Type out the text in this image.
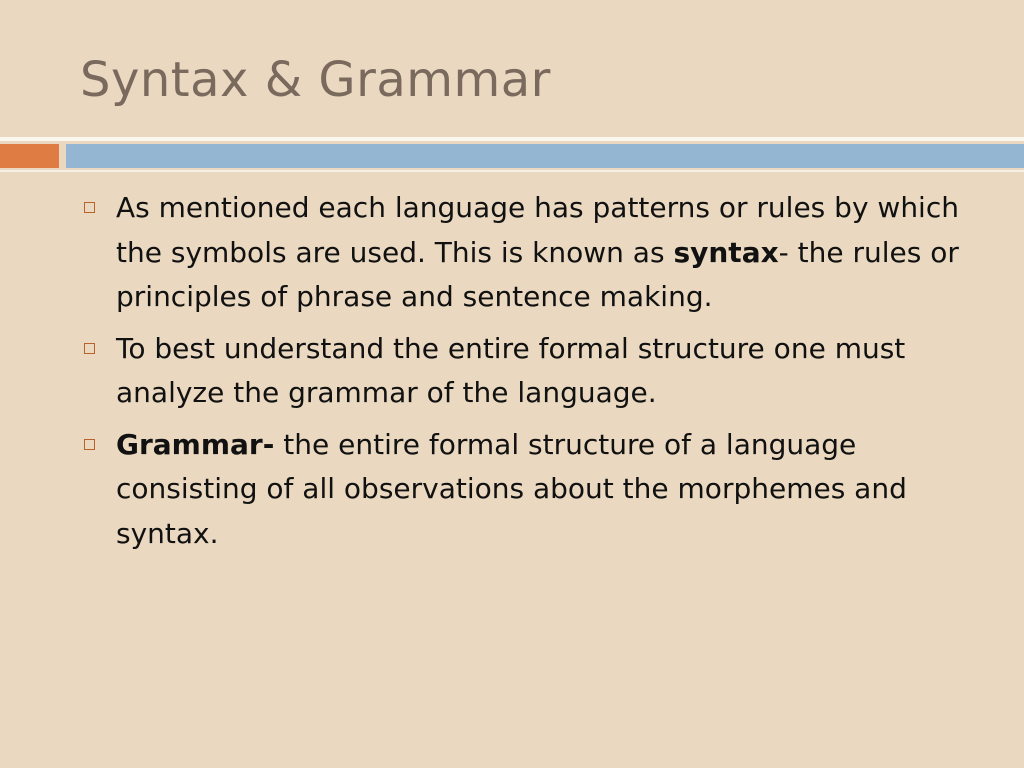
Syntax & Grammar
As mentioned each language has patterns or rules by which the symbols are used. This is known as syntax- the rules or principles of phrase and sentence making.
To best understand the entire formal structure one must analyze the grammar of the language.
Grammar- the entire formal structure of a language consisting of all observations about the morphemes and syntax.
